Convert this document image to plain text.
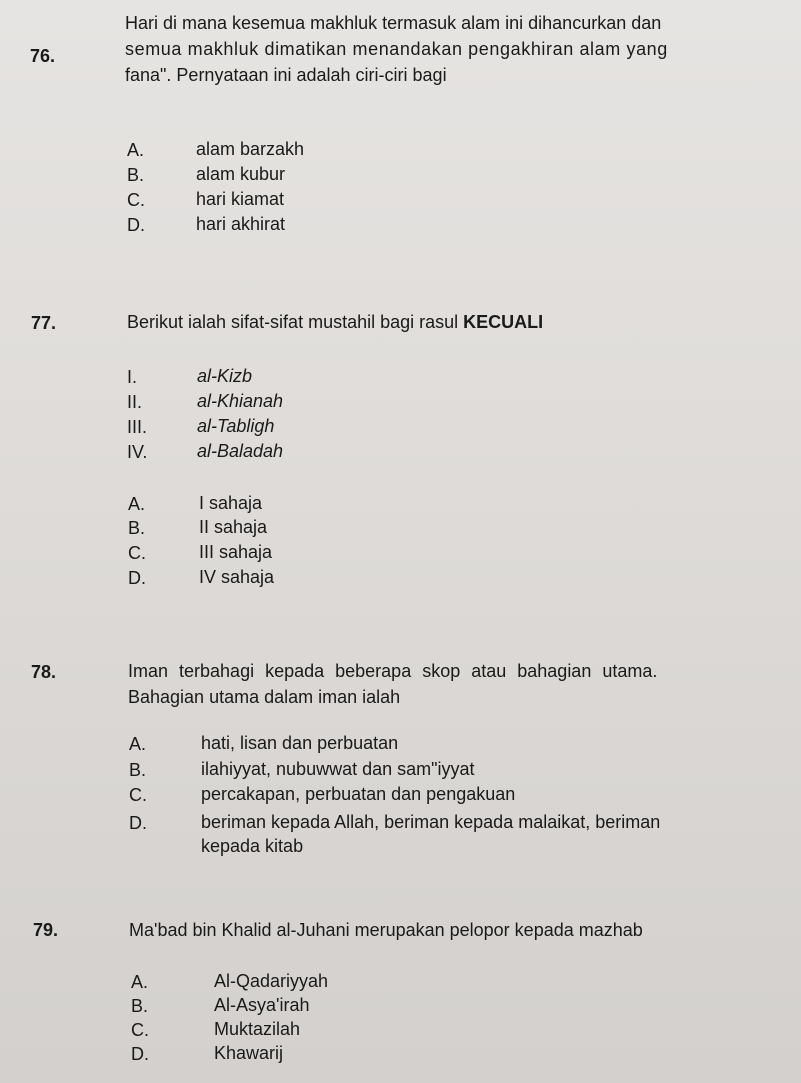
76.
Hari di mana kesemua makhluk termasuk alam ini dihancurkan dan
semua makhluk dimatikan menandakan pengakhiran alam yang
fana". Pernyataan ini adalah ciri-ciri bagi
A.	alam barzakh
B.	alam kubur
C.	hari kiamat
D.	hari akhirat
77.	Berikut ialah sifat-sifat mustahil bagi rasul KECUALI
I.	al-Kizb
II.	al-Khianah
III.	al-Tabligh
IV.	al-Baladah
A.	I sahaja
B.	II sahaja
C.	III sahaja
D.	IV sahaja
78.	Iman terbahagi kepada beberapa skop atau bahagian utama.
Bahagian utama dalam iman ialah
A.	hati, lisan dan perbuatan
B.	ilahiyyat, nubuwwat dan sam"iyyat
C.	percakapan, perbuatan dan pengakuan
D.	beriman kepada Allah, beriman kepada malaikat, beriman
kepada kitab
79.	Ma'bad bin Khalid al-Juhani merupakan pelopor kepada mazhab
A.	Al-Qadariyyah
B.	Al-Asya'irah
C.	Muktazilah
D.	Khawarij
